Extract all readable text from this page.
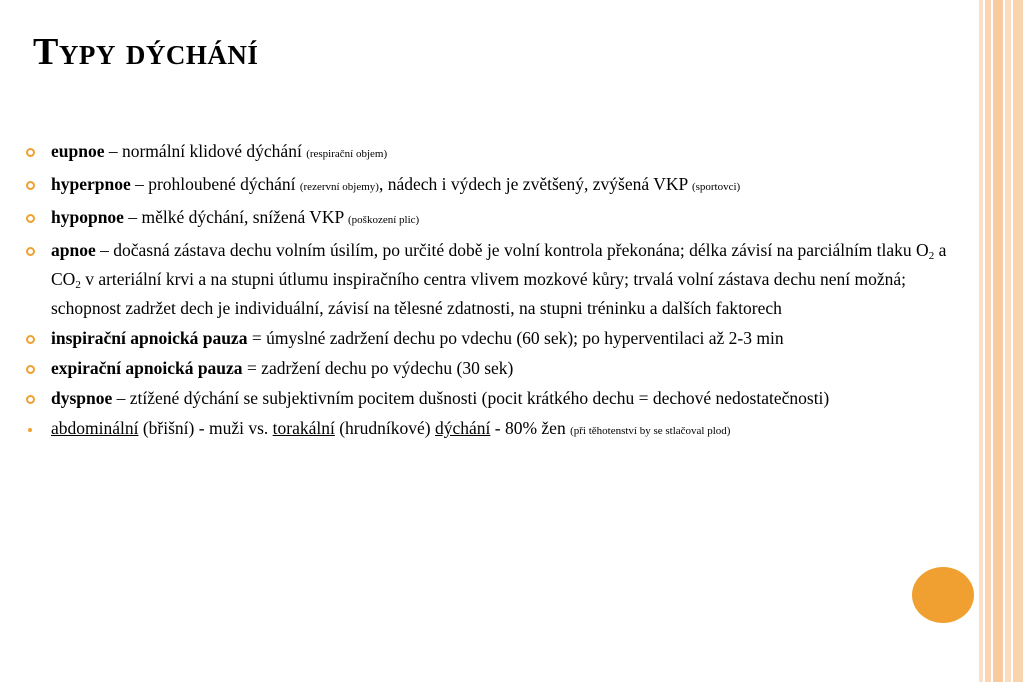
Typy dýchání
eupnoe – normální klidové dýchání (respirační objem)
hyperpnoe – prohloubené dýchání (rezervní objemy), nádech i výdech je zvětšený, zvýšená VKP (sportovci)
hypopnoe – mělké dýchání, snížená VKP (poškození plic)
apnoe – dočasná zástava dechu volním úsilím, po určité době je volní kontrola překonána; délka závisí na parciálním tlaku $O_2$ a $CO_2$ v arteriální krvi a na stupni útlumu inspiračního centra vlivem mozkové kůry; trvalá volní zástava dechu není možná; schopnost zadržet dech je individuální, závisí na tělesné zdatnosti, na stupni tréninku a dalších faktorech
inspirační apnoická pauza = úmyslné zadržení dechu po vdechu (60 sek); po hyperventilaci až 2-3 min
expirační apnoická pauza = zadržení dechu po výdechu (30 sek)
dyspnoe – ztížené dýchání se subjektivním pocitem dušnosti (pocit krátkého dechu = dechové nedostatečnosti)
abdominální (břišní) - muži vs. torakální (hrudníkové) dýchání - 80% žen (při těhotenství by se stlačoval plod)
